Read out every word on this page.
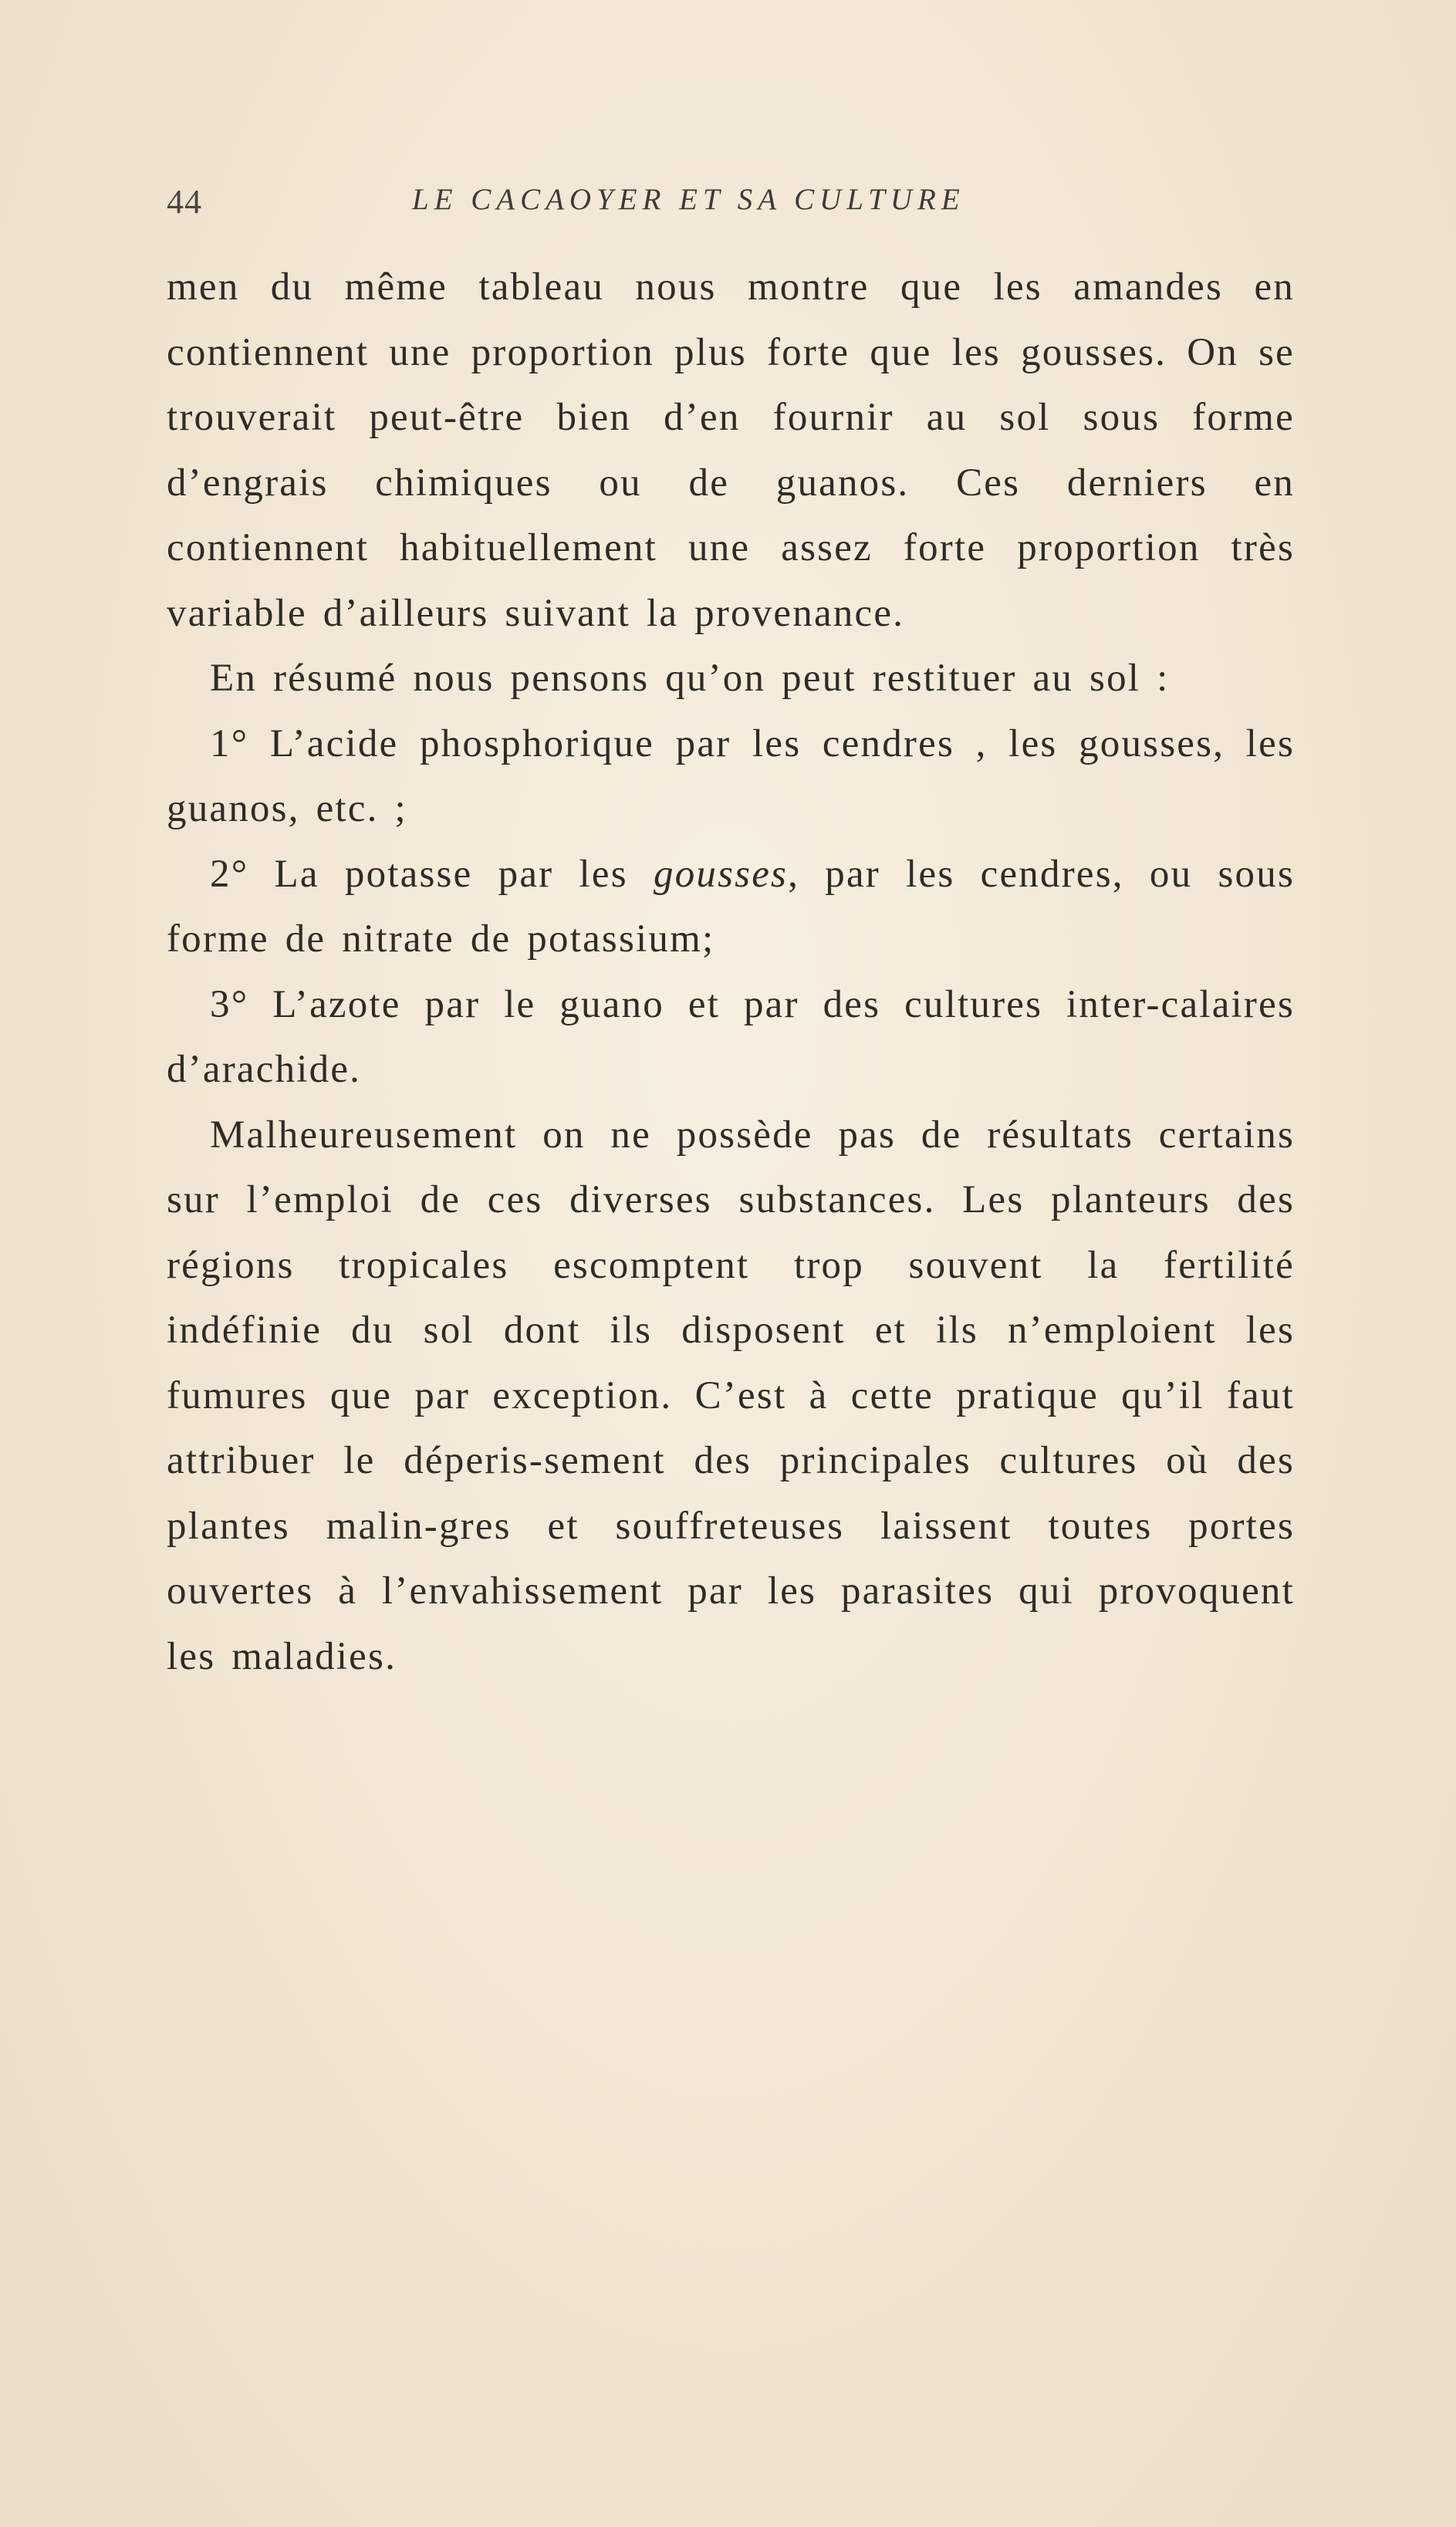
44	LE CACAOYER ET SA CULTURE

men du même tableau nous montre que les amandes en contiennent une proportion plus forte que les gousses. On se trouverait peut-être bien d’en fournir au sol sous forme d’engrais chimiques ou de guanos. Ces derniers en contiennent habituellement une assez forte proportion très variable d’ailleurs suivant la provenance.

En résumé nous pensons qu’on peut restituer au sol :

1° L’acide phosphorique par les cendres , les gousses, les guanos, etc. ;

2° La potasse par les gousses, par les cendres, ou sous forme de nitrate de potassium;

3° L’azote par le guano et par des cultures inter-calaires d’arachide.

Malheureusement on ne possède pas de résultats certains sur l’emploi de ces diverses substances. Les planteurs des régions tropicales escomptent trop souvent la fertilité indéfinie du sol dont ils disposent et ils n’emploient les fumures que par exception. C’est à cette pratique qu’il faut attribuer le déperis-sement des principales cultures où des plantes malin-gres et souffreteuses laissent toutes portes ouvertes à l’envahissement par les parasites qui provoquent les maladies.
